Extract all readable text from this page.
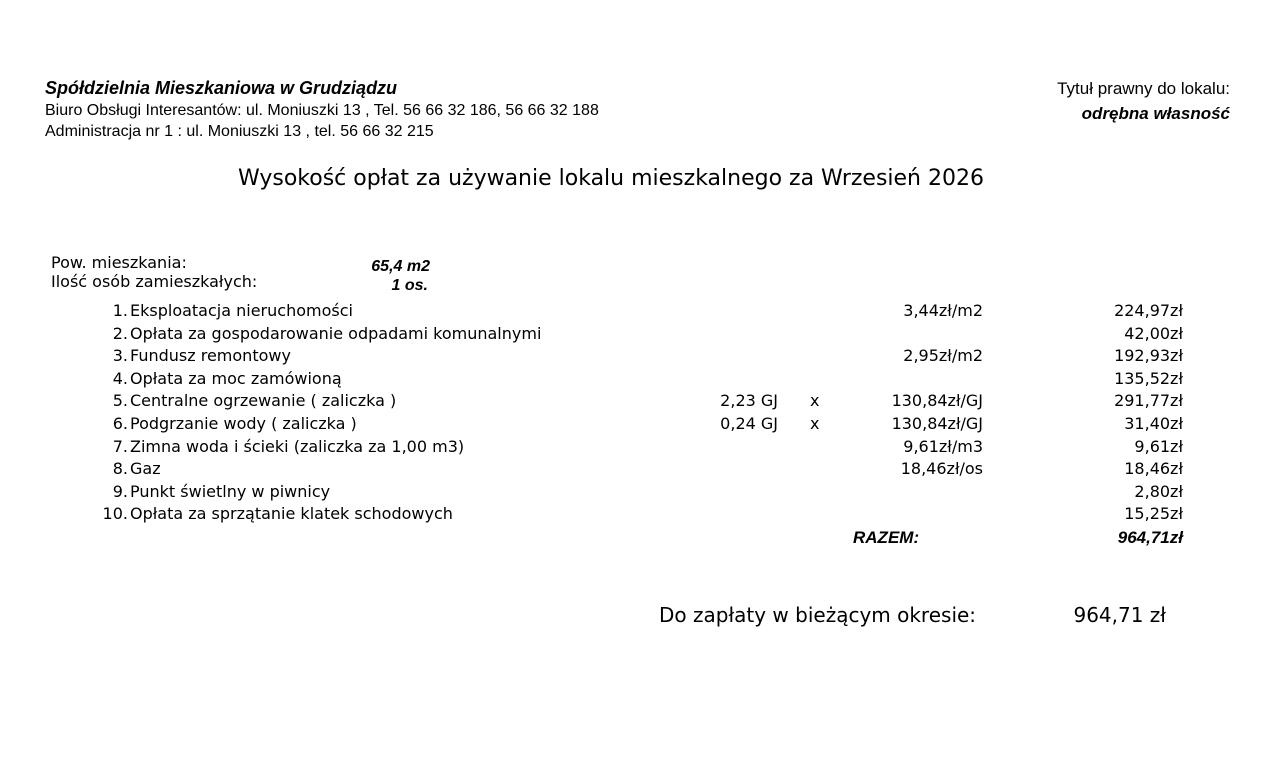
Spółdzielnia Mieszkaniowa w Grudziądzu
Biuro Obsługi Interesantów: ul. Moniuszki 13 , Tel. 56 66 32 186, 56 66 32 188
Administracja nr 1 : ul. Moniuszki 13 , tel. 56 66 32 215
Tytuł prawny do lokalu:
odrębna własność
Wysokość opłat za używanie lokalu mieszkalnego za Wrzesień 2026
Pow. mieszkania:	65,4 m2
Ilość osób zamieszkałych:	1 os.
1. Eksploatacja nieruchomości	3,44zł/m2	224,97zł
2. Opłata za gospodarowanie odpadami komunalnymi	42,00zł
3. Fundusz remontowy	2,95zł/m2	192,93zł
4. Opłata za moc zamówioną	135,52zł
5. Centralne ogrzewanie ( zaliczka )	2,23 GJ x	130,84zł/GJ	291,77zł
6. Podgrzanie wody ( zaliczka )	0,24 GJ x	130,84zł/GJ	31,40zł
7. Zimna woda i ścieki (zaliczka za 1,00 m3)	9,61zł/m3	9,61zł
8. Gaz	18,46zł/os	18,46zł
9. Punkt świetlny w piwnicy	2,80zł
10. Opłata za sprzątanie klatek schodowych	15,25zł
RAZEM:	964,71zł
Do zapłaty w bieżącym okresie:	964,71 zł
